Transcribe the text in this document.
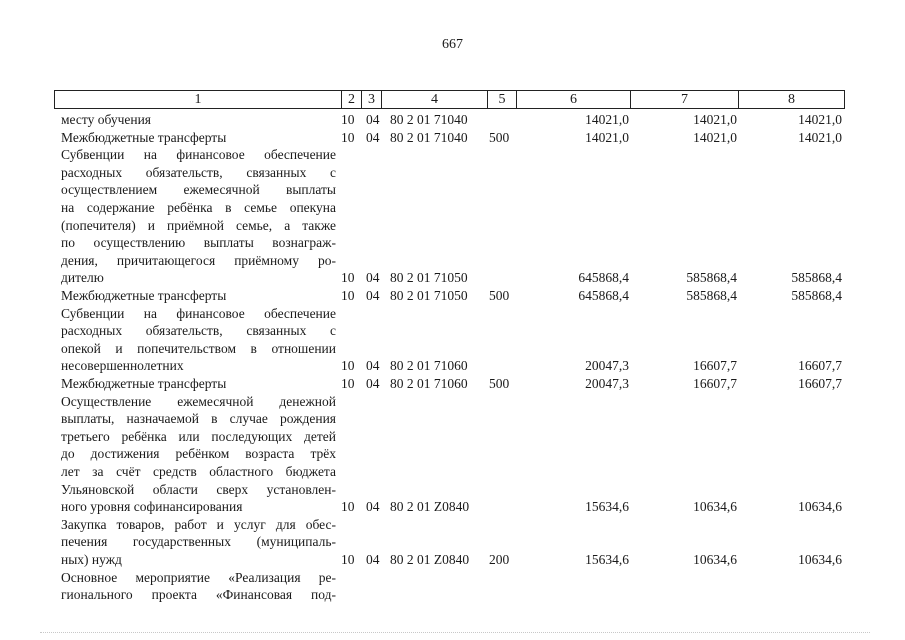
667
1	2 3	4	5	6	7	8
месту обучения	10 04 80 2 01 71040	14021,0	14021,0	14021,0
Межбюджетные трансферты	10 04 80 2 01 71040 500	14021,0	14021,0	14021,0
Субвенции на финансовое обеспечение
расходных обязательств, связанных с
осуществлением ежемесячной выплаты
на содержание ребёнка в семье опекуна
(попечителя) и приёмной семье, а также
по осуществлению выплаты вознаграж-
дения, причитающегося приёмному ро-
дителю	10 04 80 2 01 71050	645868,4	585868,4	585868,4
Межбюджетные трансферты	10 04 80 2 01 71050 500	645868,4	585868,4	585868,4
Субвенции на финансовое обеспечение
расходных обязательств, связанных с
опекой и попечительством в отношении
несовершеннолетних	10 04 80 2 01 71060	20047,3	16607,7	16607,7
Межбюджетные трансферты	10 04 80 2 01 71060 500	20047,3	16607,7	16607,7
Осуществление ежемесячной денежной
выплаты, назначаемой в случае рождения
третьего ребёнка или последующих детей
до достижения ребёнком возраста трёх
лет за счёт средств областного бюджета
Ульяновской области сверх установлен-
ного уровня софинансирования	10 04 80 2 01 Z0840	15634,6	10634,6	10634,6
Закупка товаров, работ и услуг для обес-
печения государственных (муниципаль-
ных) нужд	10 04 80 2 01 Z0840 200	15634,6	10634,6	10634,6
Основное мероприятие «Реализация ре-
гионального проекта «Финансовая под-
